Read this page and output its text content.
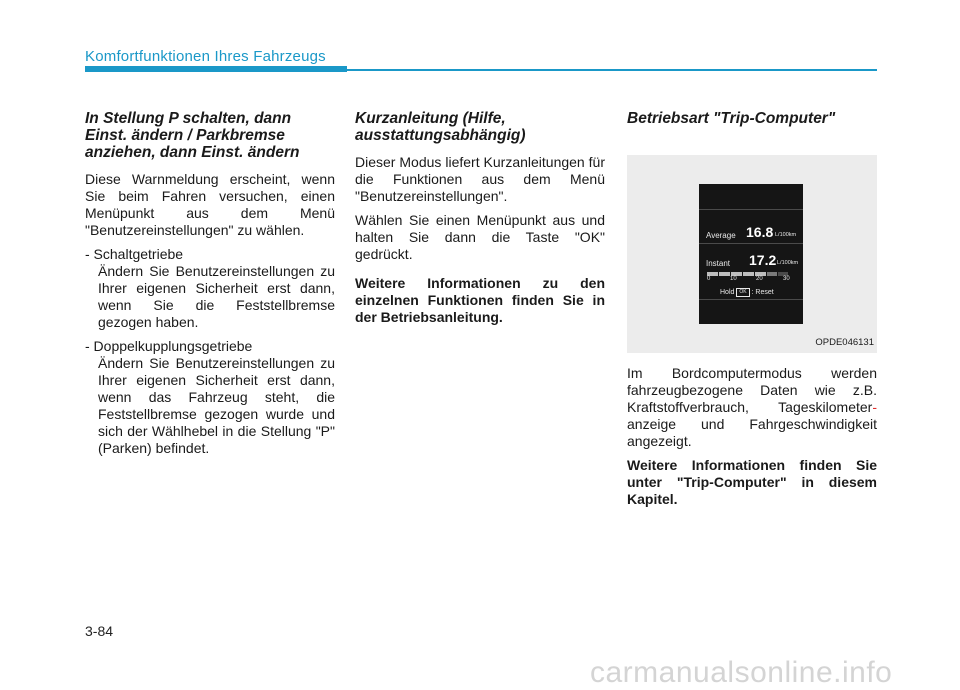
Komfortfunktionen Ihres Fahrzeugs
In Stellung P schalten, dann Einst. ändern / Parkbremse anziehen, dann Einst. ändern

Diese Warnmeldung erscheint, wenn Sie beim Fahren versuchen, einen Menüpunkt aus dem Menü "Benutzereinstellungen" zu wählen.

- Schaltgetriebe
Ändern Sie Benutzereinstellungen zu Ihrer eigenen Sicherheit erst dann, wenn Sie die Feststellbremse gezogen haben.
- Doppelkupplungsgetriebe
Ändern Sie Benutzereinstellungen zu Ihrer eigenen Sicherheit erst dann, wenn das Fahrzeug steht, die Feststellbremse gezogen wurde und sich der Wählhebel in die Stellung "P" (Parken) befindet.
Kurzanleitung (Hilfe, ausstattungsabhängig)

Dieser Modus liefert Kurzanleitungen für die Funktionen aus dem Menü "Benutzereinstellungen".

Wählen Sie einen Menüpunkt aus und halten Sie dann die Taste "OK" gedrückt.

Weitere Informationen zu den einzelnen Funktionen finden Sie in der Betriebsanleitung.

Betriebsart "Trip-Computer"
Average 16.8 L/100km
Instant 17.2 L/100km
0	10	20	30
Hold OK : Reset
OPDE046131

Im Bordcomputermodus werden fahrzeugbezogene Daten wie z.B. Kraftstoffverbrauch, Tageskilometer- anzeige und Fahrgeschwindigkeit angezeigt.

Weitere Informationen finden Sie unter "Trip-Computer" in diesem Kapitel.

3-84
carmanualsonline.info
